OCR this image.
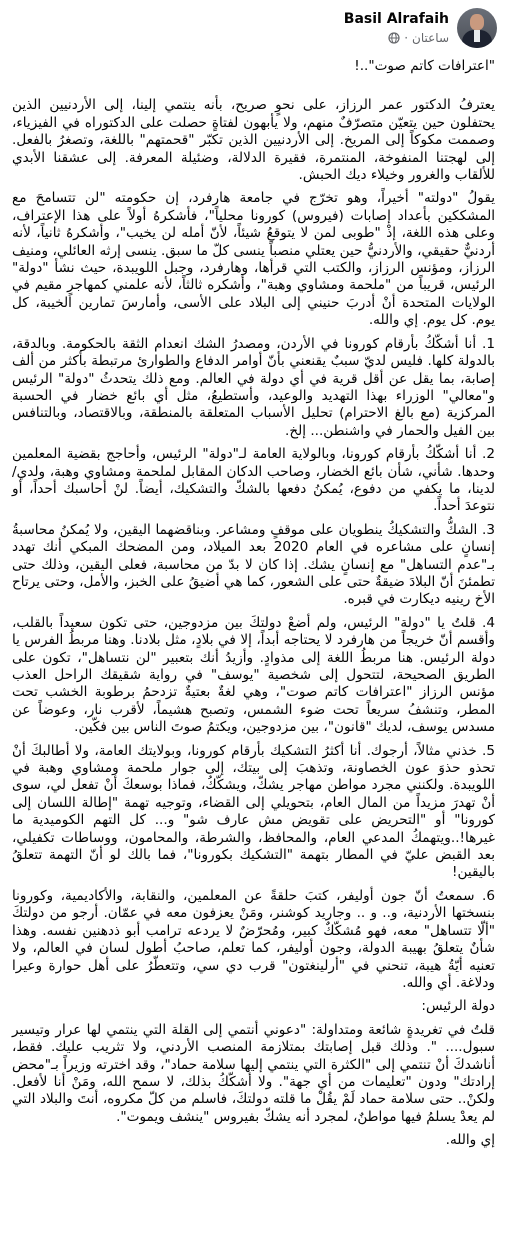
Basil Alrafaih
ساعتان
·

"اعترافات كاتم صوت"..!

يعترفُ الدكتور عمر الرزاز، على نحوٍ صريح، بأنه ينتمي إلينا، إلى الأردنيين الذين يحتفلون حين يتعيّن متصرّفٌ منهم، ولا يأبهون لفتاةٍ حصلت على الدكتوراه في الفيزياء، وصممت مكوكاً إلى المريخ. إلى الأردنيين الذين تكبّر "قحمتهم" باللغة، وتصغرُ بالفعل. إلى لهجتنا المنفوخة، المنتمرة، فقيرة الدلالة، وضئيلة المعرفة. إلى عشقنا الأبدي للألقاب والغرور وخيلاء ديك الحبش.

يقولُ "دولته" أخيراً، وهو تخرّج في جامعة هارفرد، إن حكومته "لن تتسامحَ مع المشككين بأعداد إصابات (فيروس) كورونا محلياً"، فأشكرهُ أولاً على هذا الإعتراف، وعلى هذه اللغة، إذْ "طوبى لمن لا يتوقعُ شيئاً، لأنّ أمله لن يخيب"، وأشكرهُ ثانياً، لأنه أردنيٌّ حقيقي، والأردنيُّ حين يعتلي منصباً ينسى كلّ ما سبق. ينسى إرثه العائلي، ومنيف الرزاز، ومؤنس الرزاز، والكتب التي قرأها، وهارفرد، وجبل اللويبدة، حيث نشأ "دولة" الرئيس، قريباً من "ملحمة ومشاوي وهبة"، وأشكره ثالثاً، لأنه علمني كمهاجرٍ مقيم في الولايات المتحدة أنْ أدربَ حنيني إلى البلاد على الأسى، وأمارسَ تمارين الخيبة، كل يوم. كل يوم. إي والله.

1. أنا أشكّكُ بأرقام كورونا في الأردن، ومصدرُ الشك انعدام الثقة بالحكومة. وبالدقة، بالدولة كلها. فليس لديّ سببٌ يقنعني بأنّ أوامر الدفاع والطوارئ مرتبطة بأكثر من ألف إصابة، بما يقل عن أقل قرية في أي دولة في العالم. ومع ذلك يتحدثُ "دولة" الرئيس و"معالي" الوزراء بهذا التهديد والوعيد، وأستطيعُ، مثل أي بائع خضار في الحسبة المركزية (مع بالغ الاحترام) تحليل الأسباب المتعلقة بالمنطقة، وبالاقتصاد، وبالتنافس بين الفيل والحمار في واشنطن... إلخ.

2. أنا أشكّكُ بأرقام كورونا، وبالولاية العامة لـ"دولة" الرئيس، وأحاجج بقضية المعلمين وحدها. شأني، شأن بائع الخضار، وصاحب الدكان المقابل لملحمة ومشاوي وهبة، ولدي/لدينا، ما يكفي من دفوع، يُمكنُ دفعها بالشكّ والتشكيك، أيضاً. لنْ أحاسبك أحداً، أو نتوعدَ أحداً.

3. الشكُّ والتشكيكُ ينطويان على موقفٍ ومشاعر. وبناقضهما اليقين، ولا يُمكنُ محاسبةُ إنسانٍ على مشاعره في العام 2020 بعد الميلاد، ومن المضحك المبكي أنك تهدد بـ"عدم التساهل" مع إنسانٍ يشك. إذا كان لا بدّ من محاسبة، فعلى اليقين، وذلك حتى تطمئنَ أنّ البلادَ ضيقةٌ حتى على الشعور، كما هي أضيقُ على الخبز، والأمل، وحتى يرتاح الأخ رينيه ديكارت في قبره.

4. قلتُ يا "دولة" الرئيس، ولم أضعْ دولتكَ بين مزدوجين، حتى تكون سعيداً بالقلب، وأقسم أنّ خريجاً من هارفرد لا يحتاجه أبداً، إلا في بلادٍ، مثل بلادنا. وهنا مربطُ الفرس يا دولة الرئيس. هنا مربطُ اللغة إلى مذوادٍ. وأزيدُ أنك بتعبير "لن نتساهل"، تكون على الطريق الصحيحة، لتتحول إلى شخصية "يوسف" في رواية شقيقك الراحل العذب مؤنس الرزاز "اعترافات كاتم صوت"، وهي لغةٌ بعتيةٌ تزدحمُ برطوبة الخشب تحت المطر، وتنشفُ سريعاً تحت ضوء الشمس، وتصبح هشيماً، لأقرب نار، وعوضاً عن مسدس يوسف، لديك "قانون"، بين مزدوجين، ويكتمُ صوتَ الناس بين فكّين.

5. خذني مثالاً، أرجوك. أنا أكثرُ التشكيك بأرقام كورونا، وبولايتك العامة، ولا أطالبكَ أنْ تحذو حذوَ عون الخصاونة، وتذهبَ إلى بيتك، إلى جوار ملحمة ومشاوي وهبة في اللويبدة. ولكنني مجرد مواطن مهاجر يشكّ، ويشكّكُ، فماذا بوسعكَ أنْ تفعل لي، سوى أنْ تهدرَ مزيداً من المال العام، بتحويلي إلى القضاء، وتوجيه تهمة "إطالة اللسان إلى كورونا" أو "التحريض على تقويض مش عارف شو" و... كل التهم الكوميدية ما غيرها!..ويتهمكُ المدعي العام، والمحافظ، والشرطة، والمحامون، ووساطات تكفيلي، بعد القبض عليّ في المطار بتهمة "التشكيك بكورونا"، فما بالك لو أنّ التهمة تتعلقُ باليقين!

6. سمعتُ أنّ جون أوليفر، كتبَ حلقةً عن المعلمين، والنقابة، والأكاديمية، وكورونا بنسختها الأردنية، و.. و .. وجاريد كوشنر، ومَنْ يعزفون معه في عمّان. أرجو من دولتكَ "ألّا تتساهل" معه، فهو مُشكّكٌ كبير، ومُحرّضٌ لا يردعه ترامب أبو ذدهنين نفسه. وهذا شأنٌ يتعلقُ بهيبة الدولة، وجون أوليفر، كما تعلم، صاحبُ أطول لسان في العالم، ولا تعنيه أيّةُ هيبة، تنحني في "أرلينغتون" قرب دي سي، وتتعطّرُ على أهل حوارة وعيرا ودلاغة. أي والله.

دولة الرئيس:

قلتُ في تغريدةٍ شائعة ومتداولة: "دعوني أنتمي إلى القلة التي ينتمي لها عرار وتيسير سبول.... ". وذلك قبل إصابتك بمتلازمة المنصب الأردني، ولا تثريب عليك. فقط، أناشدكَ أنْ تنتمي إلى "الكثرة التي ينتمي إليها سلامة حماد"، وقد اخترته وزيراً بـ"محض إرادتك" ودون "تعليمات من أي جهة". ولا أشكّكُ بذلك، لا سمح الله، ومَنْ أنا لأفعل. ولكنْ.. حتى سلامة حماد لَمْ يقُلْ ما قلته دولتكَ، فاسلم من كلّ مكروه، أنتَ والبلاد التي لم يعدْ يسلمُ فيها مواطنٌ، لمجرد أنه يشكّ بفيروس "ينشف ويموت".

إي والله.
